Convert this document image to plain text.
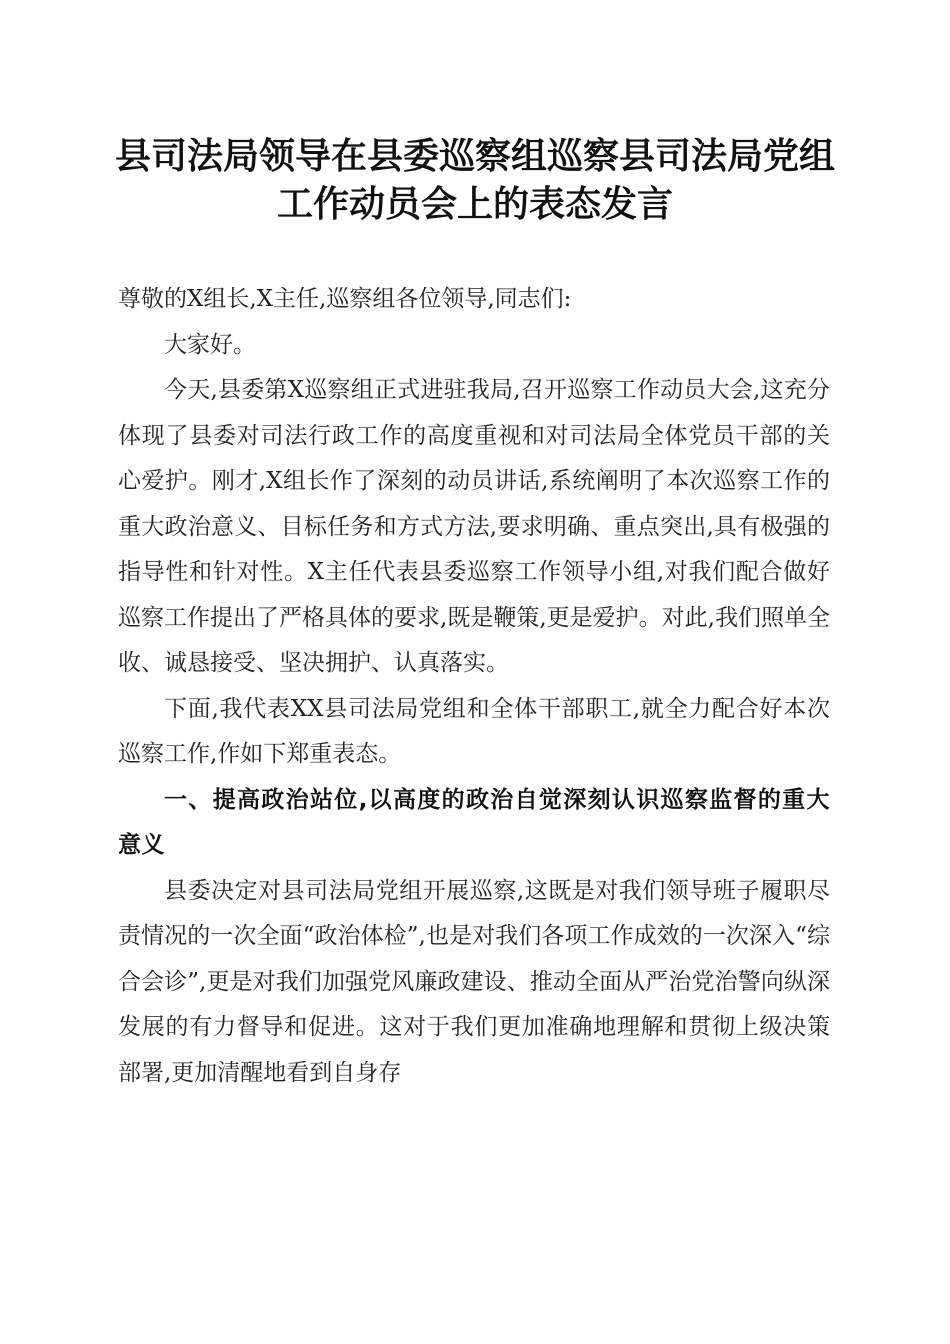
县司法局领导在县委巡察组巡察县司法局党组
工作动员会上的表态发言

尊敬的X组长,X主任,巡察组各位领导,同志们:

大家好。

今天,县委第X巡察组正式进驻我局,召开巡察工作动员大会,这充分体现了县委对司法行政工作的高度重视和对司法局全体党员干部的关心爱护。刚才,X组长作了深刻的动员讲话,系统阐明了本次巡察工作的重大政治意义、目标任务和方式方法,要求明确、重点突出,具有极强的指导性和针对性。X主任代表县委巡察工作领导小组,对我们配合做好巡察工作提出了严格具体的要求,既是鞭策,更是爱护。对此,我们照单全收、诚恳接受、坚决拥护、认真落实。

下面,我代表XX县司法局党组和全体干部职工,就全力配合好本次巡察工作,作如下郑重表态。

一、提高政治站位,以高度的政治自觉深刻认识巡察监督的重大意义

县委决定对县司法局党组开展巡察,这既是对我们领导班子履职尽责情况的一次全面“政治体检”,也是对我们各项工作成效的一次深入“综合会诊”,更是对我们加强党风廉政建设、推动全面从严治党治警向纵深发展的有力督导和促进。这对于我们更加准确地理解和贯彻上级决策部署,更加清醒地看到自身存
